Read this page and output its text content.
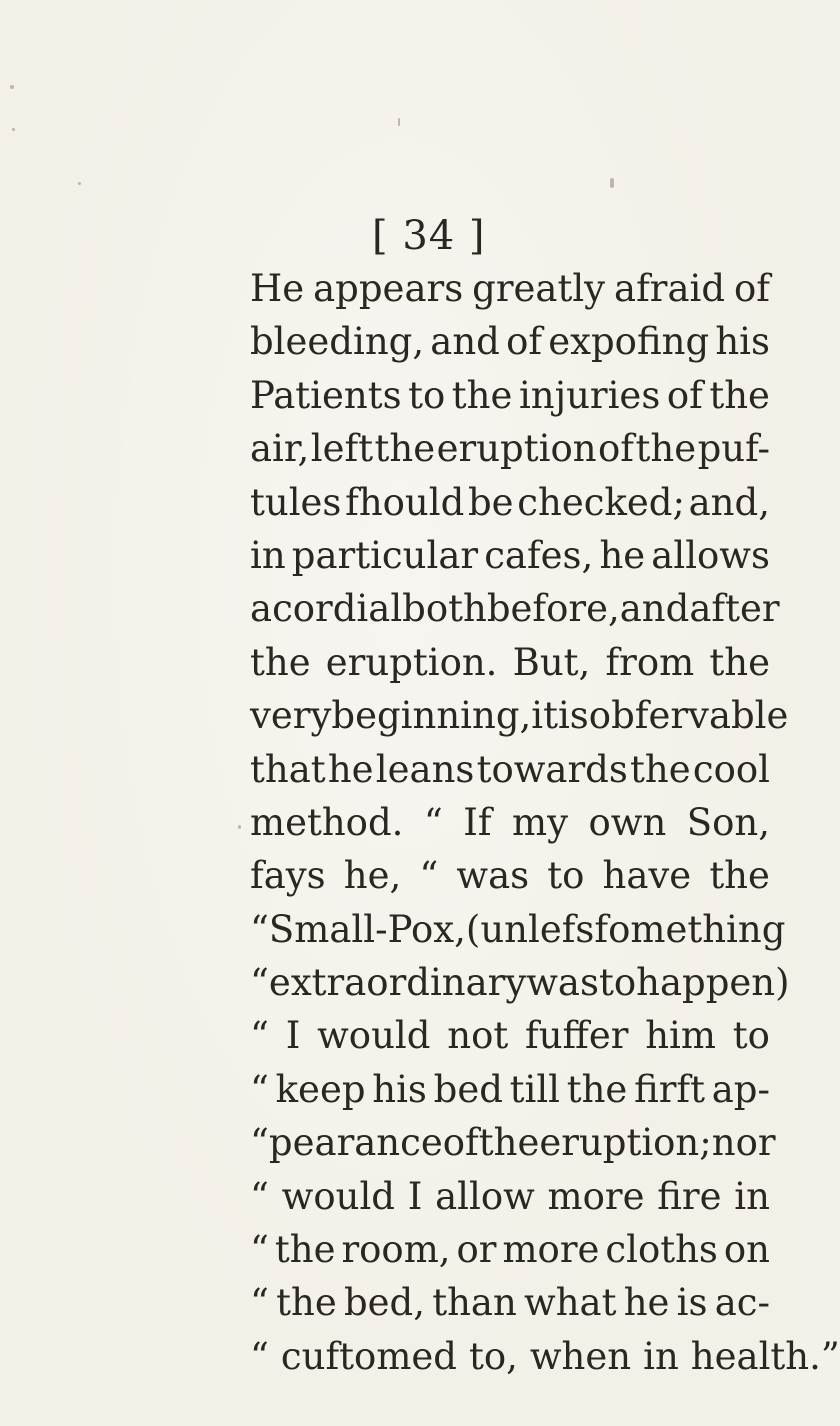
[ 34 ]
He appears greatly afraid of
bleeding, and of expofing his
Patients to the injuries of the
air, left the eruption of the puf-
tules fhould be checked; and,
in particular cafes, he allows
a cordial both before, and after
the eruption. But, from the
very beginning, it is obfervable
that he leans towards the cool
method. “ If my own Son,
fays he, “ was to have the
“ Small-Pox, (unlefs fomething
“ extraordinary was to happen)
“ I would not fuffer him to
“ keep his bed till the firft ap-
“ pearance of the eruption; nor
“ would I allow more fire in
“ the room, or more cloths on
“ the bed, than what he is ac-
“ cuftomed to, when in health.”
